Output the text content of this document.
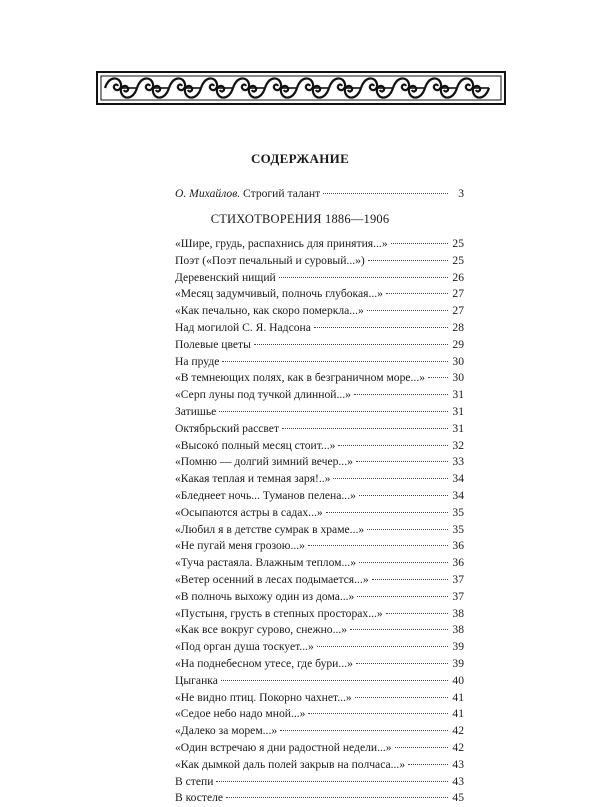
СОДЕРЖАНИЕ
О. Михайлов. Строгий талант	3
СТИХОТВОРЕНИЯ 1886—1906
«Шире, грудь, распахнись для принятия...»	25
Поэт («Поэт печальный и суровый...»)	25
Деревенский нищий	26
«Месяц задумчивый, полночь глубокая...»	27
«Как печально, как скоро померкла...»	27
Над могилой С. Я. Надсона	28
Полевые цветы	29
На пруде	30
«В темнеющих полях, как в безграничном море...» 30
«Серп луны под тучкой длинной...»	31
Затишье	31
Октябрьский рассвет	31
«Высокó полный месяц стоит...»	32
«Помню — долгий зимний вечер...»	33
«Какая теплая и темная заря!..»	34
«Бледнеет ночь... Туманов пелена...»	34
«Осыпаются астры в садах...»	35
«Любил я в детстве сумрак в храме...»	35
«Не пугай меня грозою...»	36
«Туча растаяла. Влажным теплом...»	36
«Ветер осенний в лесах подымается...»	37
«В полночь выхожу один из дома...»	37
«Пустыня, грусть в степных просторах...»	38
«Как все вокруг сурово, снежно...»	38
«Под орган душа тоскует...»	39
«На поднебесном утесе, где бури...»	39
Цыганка	40
«Не видно птиц. Покорно чахнет...»	41
«Седое небо надо мной...»	41
«Далеко за морем...»	42
«Один встречаю я дни радостной недели...»	42
«Как дымкой даль полей закрыв на полчаса...»	43
В степи	43
В костеле	45
